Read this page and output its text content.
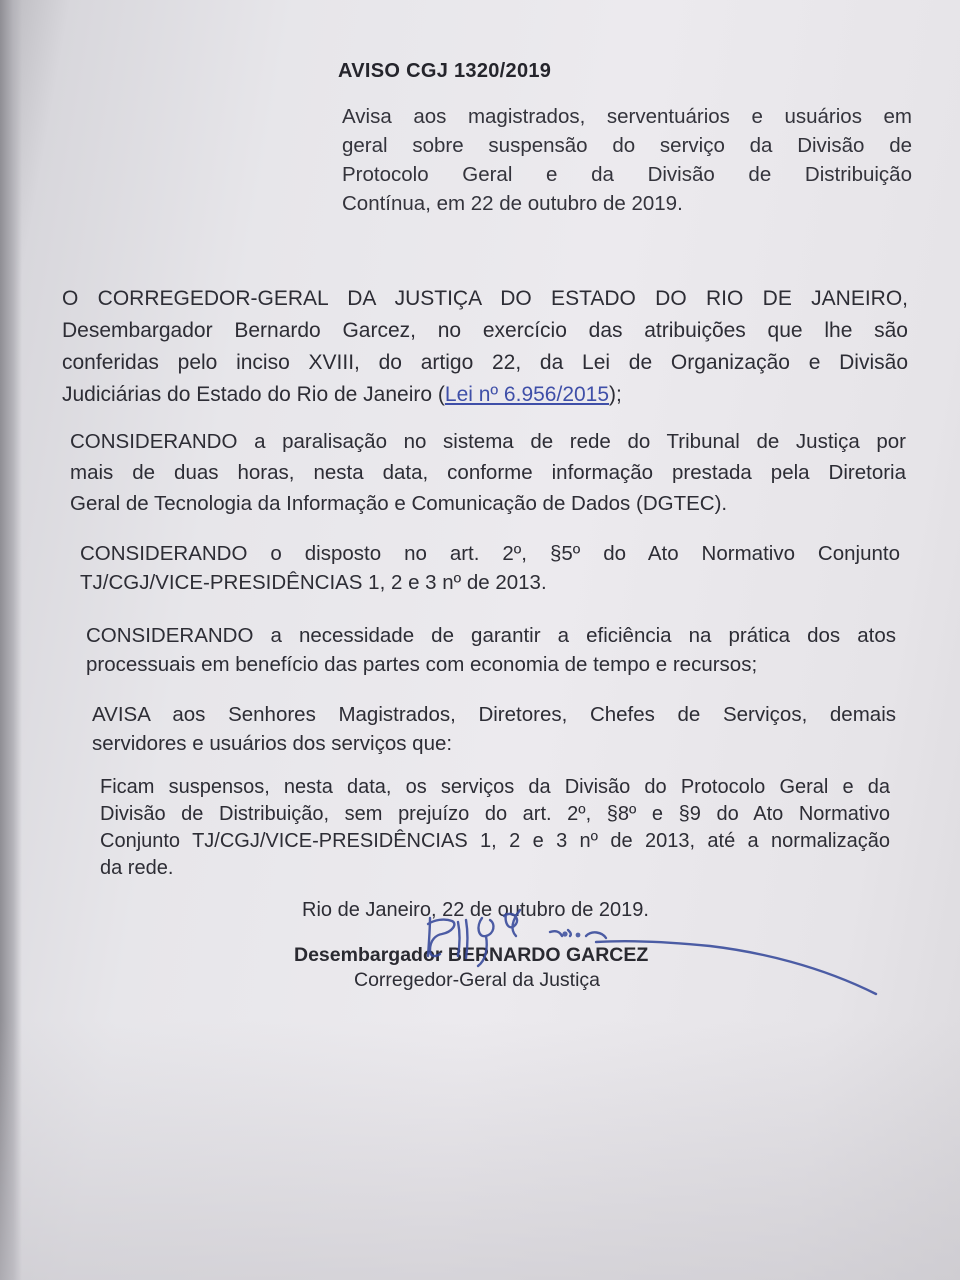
AVISO CGJ 1320/2019
Avisa aos magistrados, serventuários e usuários em
geral sobre suspensão do serviço da Divisão de
Protocolo Geral e da Divisão de Distribuição
Contínua, em 22 de outubro de 2019.
O CORREGEDOR-GERAL DA JUSTIÇA DO ESTADO DO RIO DE JANEIRO,
Desembargador Bernardo Garcez, no exercício das atribuições que lhe são
conferidas pelo inciso XVIII, do artigo 22, da Lei de Organização e Divisão
Judiciárias do Estado do Rio de Janeiro (Lei nº 6.956/2015);
CONSIDERANDO a paralisação no sistema de rede do Tribunal de Justiça por
mais de duas horas, nesta data, conforme informação prestada pela Diretoria
Geral de Tecnologia da Informação e Comunicação de Dados (DGTEC).
CONSIDERANDO o disposto no art. 2º, §5º do Ato Normativo Conjunto
TJ/CGJ/VICE-PRESIDÊNCIAS 1, 2 e 3 nº de 2013.
CONSIDERANDO a necessidade de garantir a eficiência na prática dos atos
processuais em benefício das partes com economia de tempo e recursos;
AVISA aos Senhores Magistrados, Diretores, Chefes de Serviços, demais
servidores e usuários dos serviços que:
Ficam suspensos, nesta data, os serviços da Divisão do Protocolo Geral e da
Divisão de Distribuição, sem prejuízo do art. 2º, §8º e §9 do Ato Normativo
Conjunto TJ/CGJ/VICE-PRESIDÊNCIAS 1, 2 e 3 nº de 2013, até a normalização
da rede.
Rio de Janeiro, 22 de outubro de 2019.
Desembargador BERNARDO GARCEZ
Corregedor-Geral da Justiça
